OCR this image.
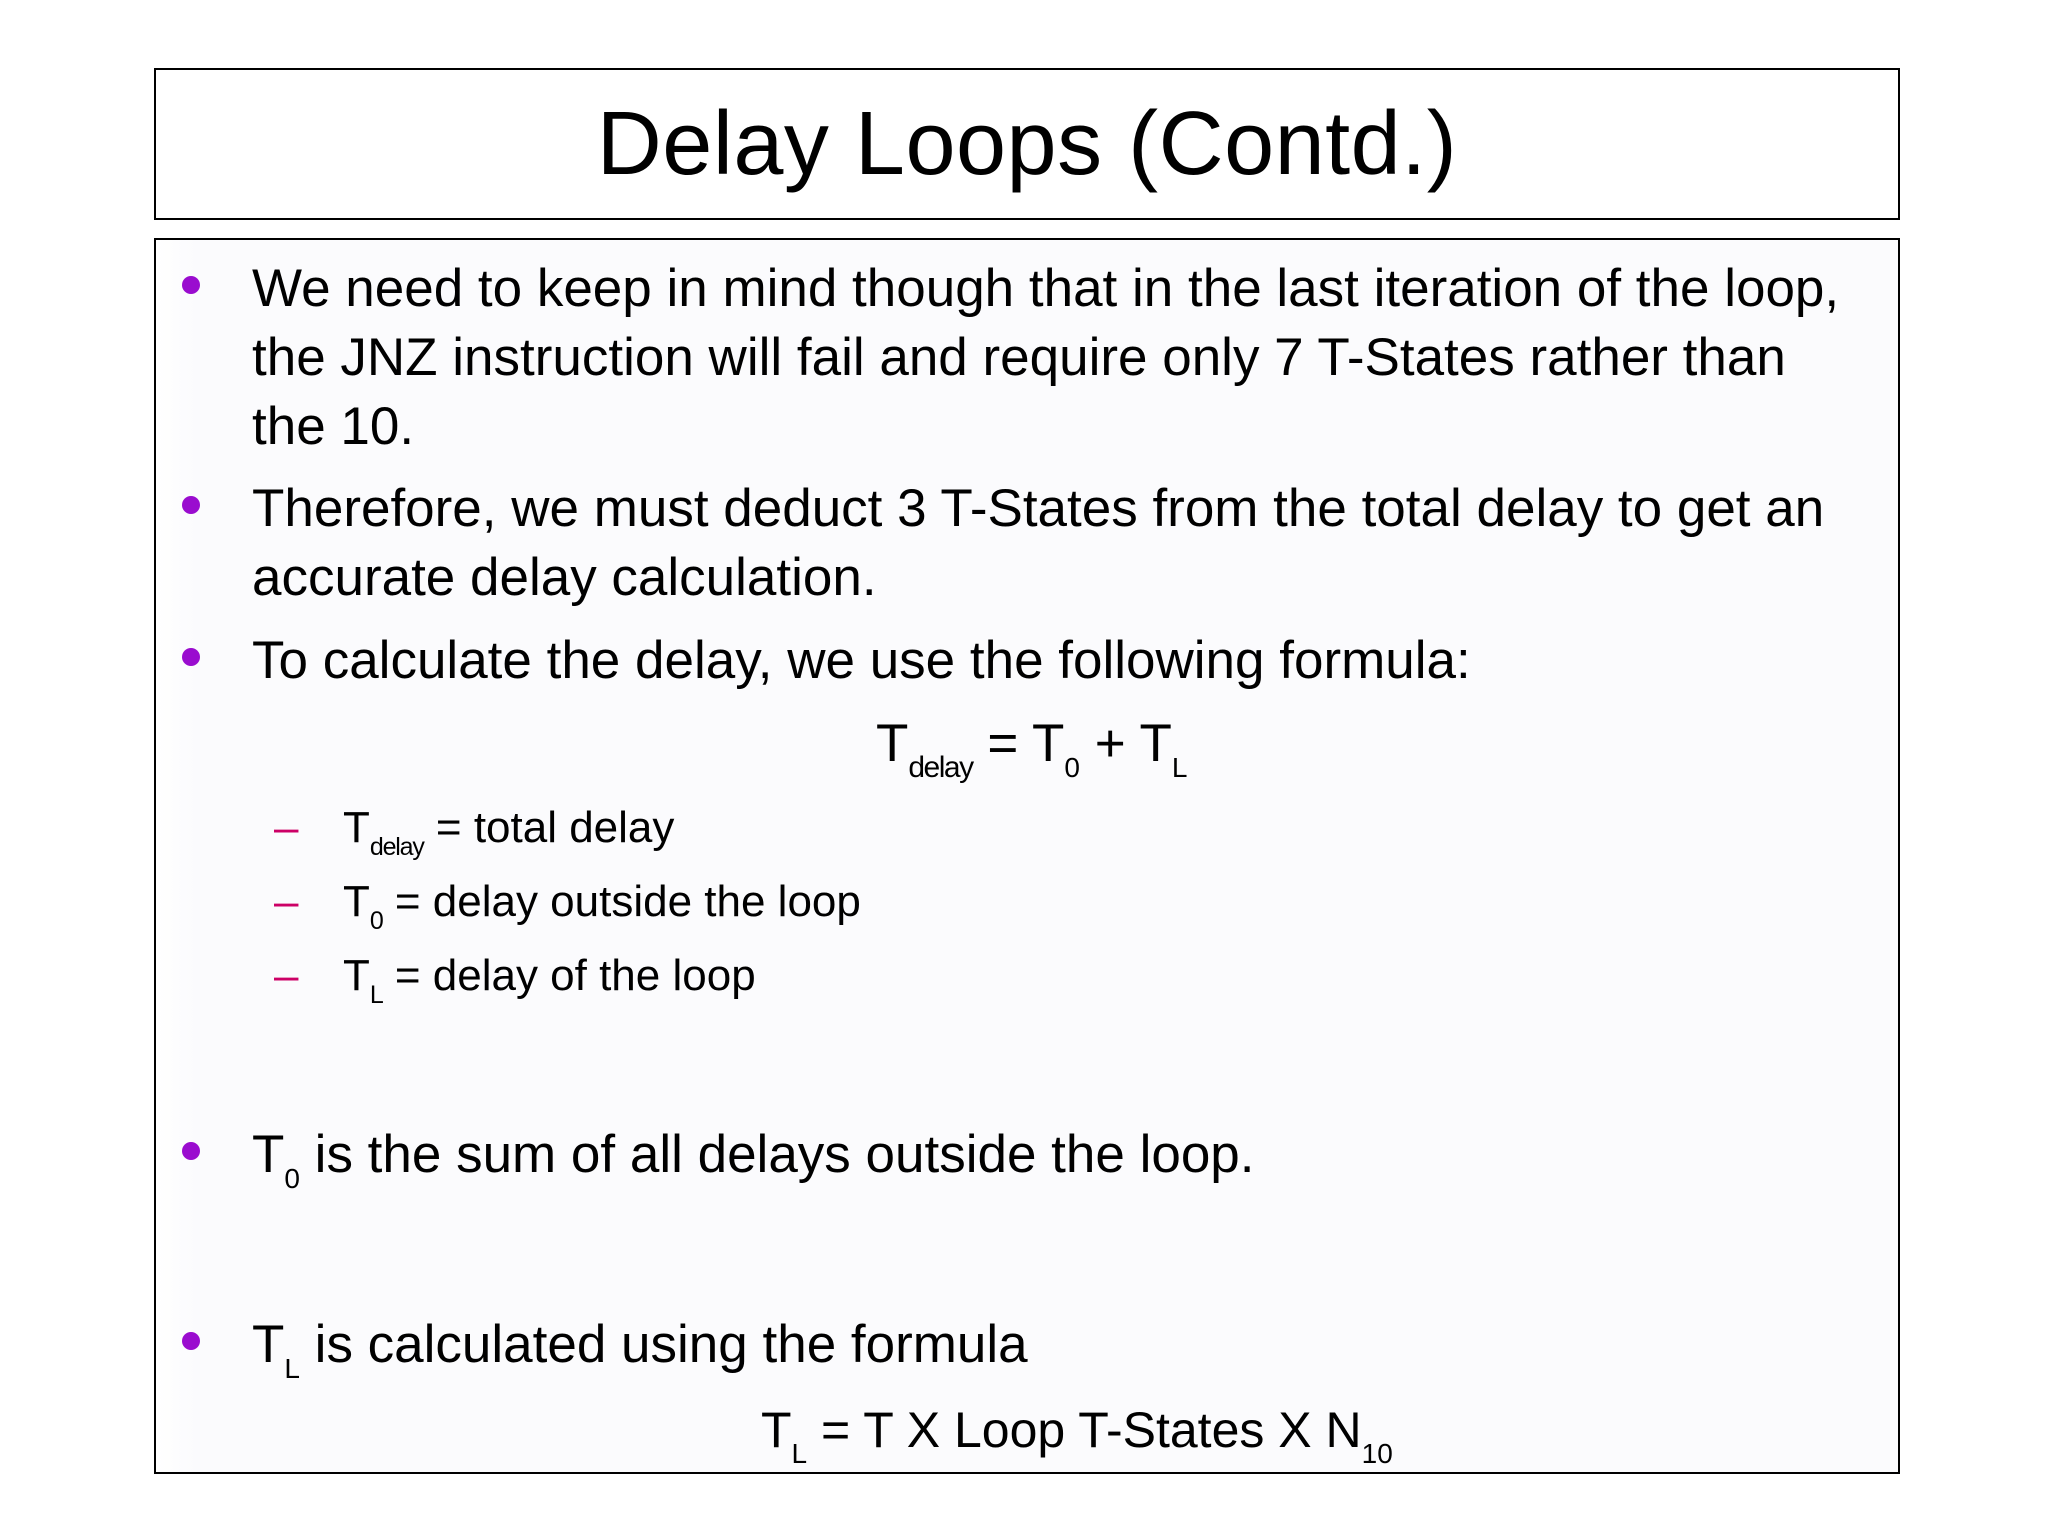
Delay Loops (Contd.)
We need to keep in mind though that in the last iteration of the loop, the JNZ instruction will fail and require only 7 T-States rather than the 10.
Therefore, we must deduct 3 T-States from the total delay to get an accurate delay calculation.
To calculate the delay, we use the following formula:
$T_{delay} = T_0 + T_L$
– $T_{delay}$ = total delay
– $T_0$ = delay outside the loop
– $T_L$ = delay of the loop
$T_0$ is the sum of all delays outside the loop.
$T_L$ is calculated using the formula
$T_L = T$ X Loop T-States X $N_{10}$
